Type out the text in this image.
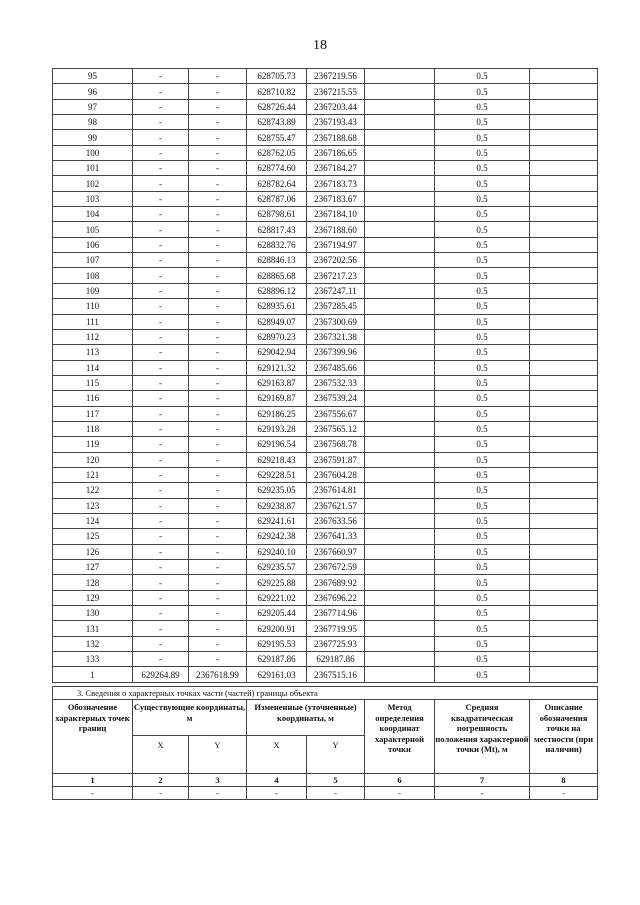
18
95	-	-	628705.73	2367219.56		0.5	
96	-	-	628710.82	2367215.55		0.5	
97	-	-	628726.44	2367203.44		0.5	
98	-	-	628743.89	2367193.43		0.5	
99	-	-	628755.47	2367188.68		0.5	
100	-	-	628762.05	2367186.65		0.5	
101	-	-	628774.60	2367184.27		0.5	
102	-	-	628782.64	2367183.73		0.5	
103	-	-	628787.06	2367183.67		0.5	
104	-	-	628798.61	2367184.10		0.5	
105	-	-	628817.43	2367188.60		0.5	
106	-	-	628832.76	2367194.97		0.5	
107	-	-	628846.13	2367202.56		0.5	
108	-	-	628865.68	2367217.23		0.5	
109	-	-	628896.12	2367247.11		0.5	
110	-	-	628935.61	2367285.45		0.5	
111	-	-	628949.07	2367300.69		0.5	
112	-	-	628970.23	2367321.38		0.5	
113	-	-	629042.94	2367399.96		0.5	
114	-	-	629121.32	2367485.66		0.5	
115	-	-	629163.87	2367532.33		0.5	
116	-	-	629169.87	2367539.24		0.5	
117	-	-	629186.25	2367556.67		0.5	
118	-	-	629193.28	2367565.12		0.5	
119	-	-	629196.54	2367568.78		0.5	
120	-	-	629218.43	2367591.87		0.5	
121	-	-	629228.51	2367604.28		0.5	
122	-	-	629235.05	2367614.81		0.5	
123	-	-	629238.87	2367621.57		0.5	
124	-	-	629241.61	2367633.56		0.5	
125	-	-	629242.38	2367641.33		0.5	
126	-	-	629240.10	2367660.97		0.5	
127	-	-	629235.57	2367672.59		0.5	
128	-	-	629225.88	2367689.92		0.5	
129	-	-	629221.02	2367696.22		0.5	
130	-	-	629205.44	2367714.96		0.5	
131	-	-	629200.91	2367719.95		0.5	
132	-	-	629195.53	2367725.93		0.5	
133	-	-	629187.86	629187.86		0.5	
1	629264.89	2367618.99	629161.03	2367515.16		0.5	
3. Сведения о характерных точках части (частей) границы объекта							
Обозначение характерных точек границ	Существующие координаты, м		Измененные (уточненные) координаты, м		Метод определения координат характерной точки	Средняя квадратическая погрешность положения характерной точки (Mt), м	Описание обозначения точки на местности (при наличии)
	X	Y	X	Y			
1	2	3	4	5	6	7	8
-	-	-	-	-	-	-	-
